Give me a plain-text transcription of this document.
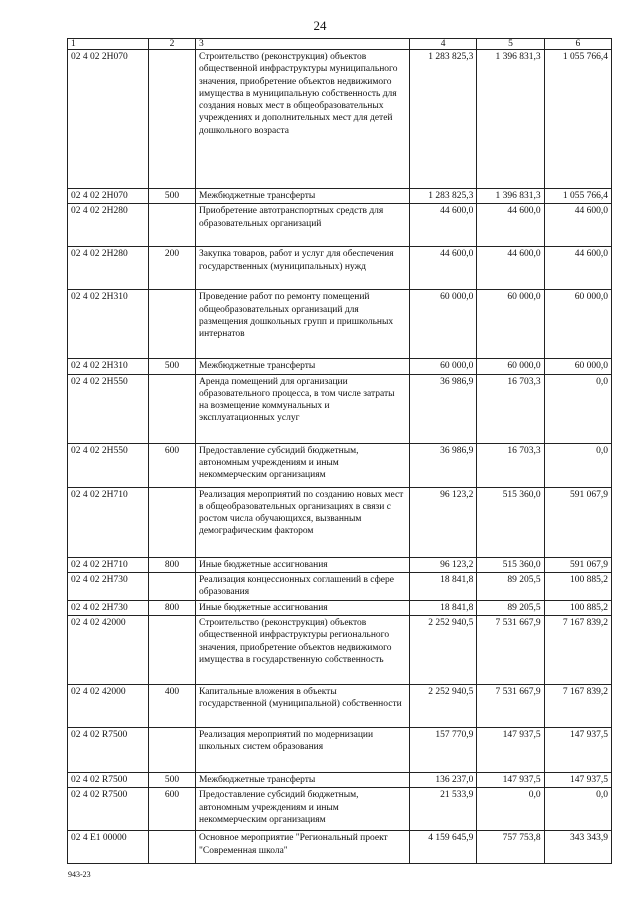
24
1	2	3	4	5	6
02 4 02 2Н070		Строительство (реконструкция) объектов общественной инфраструктуры муниципального значения, приобретение объектов недвижимого имущества в муниципальную собственность для создания новых мест в общеобразовательных учреждениях и дополнительных мест для детей дошкольного возраста	1 283 825,3	1 396 831,3	1 055 766,4
02 4 02 2Н070	500	Межбюджетные трансферты	1 283 825,3	1 396 831,3	1 055 766,4
02 4 02 2Н280		Приобретение автотранспортных средств для образовательных организаций	44 600,0	44 600,0	44 600,0
02 4 02 2Н280	200	Закупка товаров, работ и услуг для обеспечения государственных (муниципальных) нужд	44 600,0	44 600,0	44 600,0
02 4 02 2Н310		Проведение работ по ремонту помещений общеобразовательных организаций для размещения дошкольных групп и пришкольных интернатов	60 000,0	60 000,0	60 000,0
02 4 02 2Н310	500	Межбюджетные трансферты	60 000,0	60 000,0	60 000,0
02 4 02 2Н550		Аренда помещений для организации образовательного процесса, в том числе затраты на возмещение коммунальных и эксплуатационных услуг	36 986,9	16 703,3	0,0
02 4 02 2Н550	600	Предоставление субсидий бюджетным, автономным учреждениям и иным некоммерческим организациям	36 986,9	16 703,3	0,0
02 4 02 2Н710		Реализация мероприятий по созданию новых мест в общеобразовательных организациях в связи с ростом числа обучающихся, вызванным демографическим фактором	96 123,2	515 360,0	591 067,9
02 4 02 2Н710	800	Иные бюджетные ассигнования	96 123,2	515 360,0	591 067,9
02 4 02 2Н730		Реализация концессионных соглашений в сфере образования	18 841,8	89 205,5	100 885,2
02 4 02 2Н730	800	Иные бюджетные ассигнования	18 841,8	89 205,5	100 885,2
02 4 02 42000		Строительство (реконструкция) объектов общественной инфраструктуры регионального значения, приобретение объектов недвижимого имущества в государственную собственность	2 252 940,5	7 531 667,9	7 167 839,2
02 4 02 42000	400	Капитальные вложения в объекты государственной (муниципальной) собственности	2 252 940,5	7 531 667,9	7 167 839,2
02 4 02 R7500		Реализация мероприятий по модернизации школьных систем образования	157 770,9	147 937,5	147 937,5
02 4 02 R7500	500	Межбюджетные трансферты	136 237,0	147 937,5	147 937,5
02 4 02 R7500	600	Предоставление субсидий бюджетным, автономным учреждениям и иным некоммерческим организациям	21 533,9	0,0	0,0
02 4 E1 00000		Основное мероприятие "Региональный проект "Современная школа"	4 159 645,9	757 753,8	343 343,9
943-23
